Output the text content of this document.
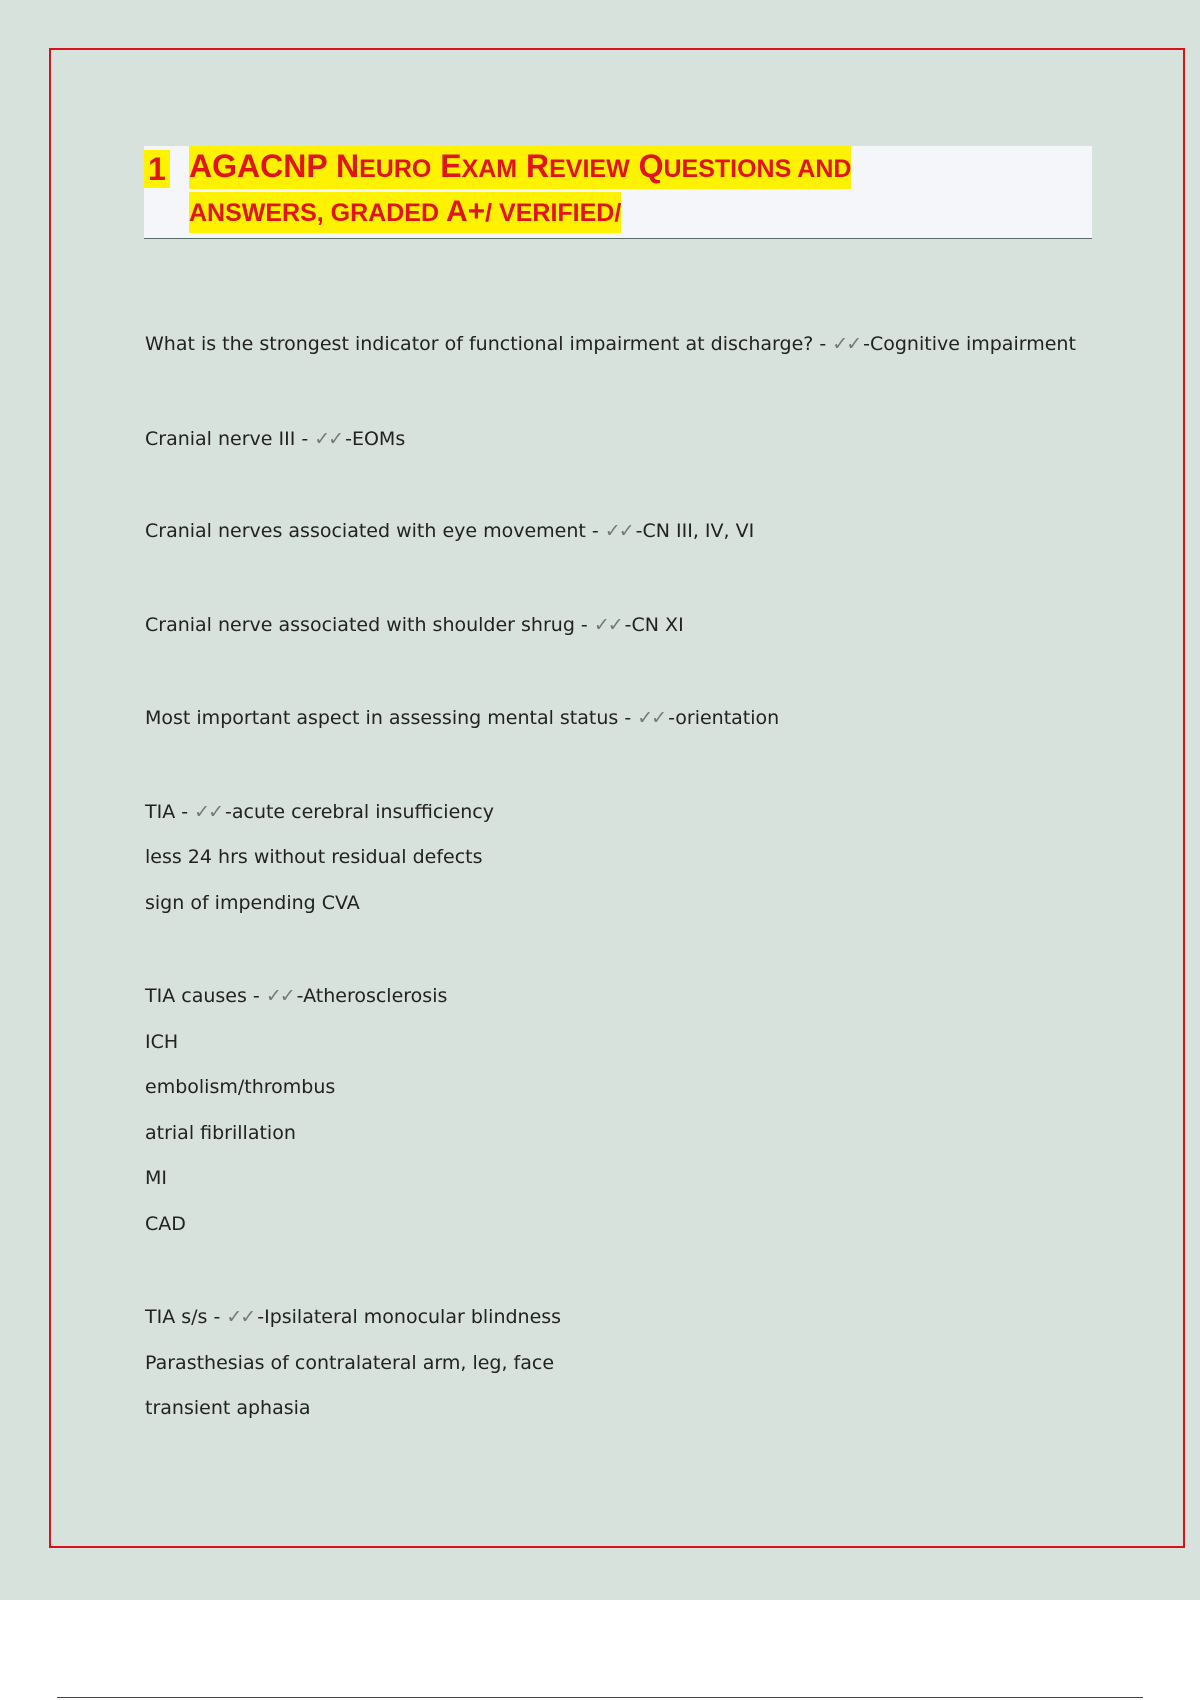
1 AGACNP NEURO EXAM REVIEW QUESTIONS AND
ANSWERS, GRADED A+/ VERIFIED/
What is the strongest indicator of functional impairment at discharge? - ✓✓ -Cognitive impairment
Cranial nerve III - ✓✓ -EOMs
Cranial nerves associated with eye movement - ✓✓ -CN III, IV, VI
Cranial nerve associated with shoulder shrug - ✓✓ -CN XI
Most important aspect in assessing mental status - ✓✓ -orientation
TIA - ✓✓ -acute cerebral insufficiency
less 24 hrs without residual defects
sign of impending CVA
TIA causes - ✓✓ -Atherosclerosis
ICH
embolism/thrombus
atrial fibrillation
MI
CAD
TIA s/s - ✓✓ -Ipsilateral monocular blindness
Parasthesias of contralateral arm, leg, face
transient aphasia
